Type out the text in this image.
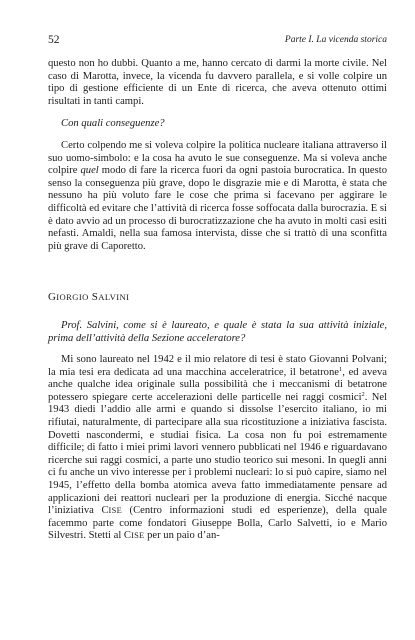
52	Parte I. La vicenda storica

questo non ho dubbi. Quanto a me, hanno cercato di darmi la morte civile. Nel caso di Marotta, invece, la vicenda fu davvero parallela, e si volle colpire un tipo di gestione efficiente di un Ente di ricerca, che aveva ottenuto ottimi risultati in tanti campi.

Con quali conseguenze?

Certo colpendo me si voleva colpire la politica nucleare italiana attraverso il suo uomo-simbolo: e la cosa ha avuto le sue conseguenze. Ma si voleva anche colpire quel modo di fare la ricerca fuori da ogni pastoia burocratica. In questo senso la conseguenza più grave, dopo le disgrazie mie e di Marotta, è stata che nessuno ha più voluto fare le cose che prima si facevano per aggirare le difficoltà ed evitare che l’attività di ricerca fosse soffocata dalla burocrazia. E si è dato avvio ad un processo di burocratizzazione che ha avuto in molti casi esiti nefasti. Amaldi, nella sua famosa intervista, disse che si trattò di una sconfitta più grave di Caporetto.

GIORGIO SALVINI

Prof. Salvini, come si è laureato, e quale è stata la sua attività iniziale, prima dell’attività della Sezione acceleratore?

Mi sono laureato nel 1942 e il mio relatore di tesi è stato Giovanni Polvani; la mia tesi era dedicata ad una macchina acceleratrice, il betatrone$^1$, ed aveva anche qualche idea originale sulla possibilità che i meccanismi di betatrone potessero spiegare certe accelerazioni delle particelle nei raggi cosmici$^2$. Nel 1943 diedi l’addio alle armi e quando si dissolse l’esercito italiano, io mi rifiutai, naturalmente, di partecipare alla sua ricostituzione a iniziativa fascista. Dovetti nascondermi, e studiai fisica. La cosa non fu poi estremamente difficile; di fatto i miei primi lavori vennero pubblicati nel 1946 e riguardavano ricerche sui raggi cosmici, a parte uno studio teorico sui mesoni. In quegli anni ci fu anche un vivo interesse per i problemi nucleari: lo si può capire, siamo nel 1945, l’effetto della bomba atomica aveva fatto immediatamente pensare ad applicazioni dei reattori nucleari per la produzione di energia. Sicché nacque l’iniziativa CISE (Centro informazioni studi ed esperienze), della quale facemmo parte come fondatori Giuseppe Bolla, Carlo Salvetti, io e Mario Silvestri. Stetti al CISE per un paio d’an-
